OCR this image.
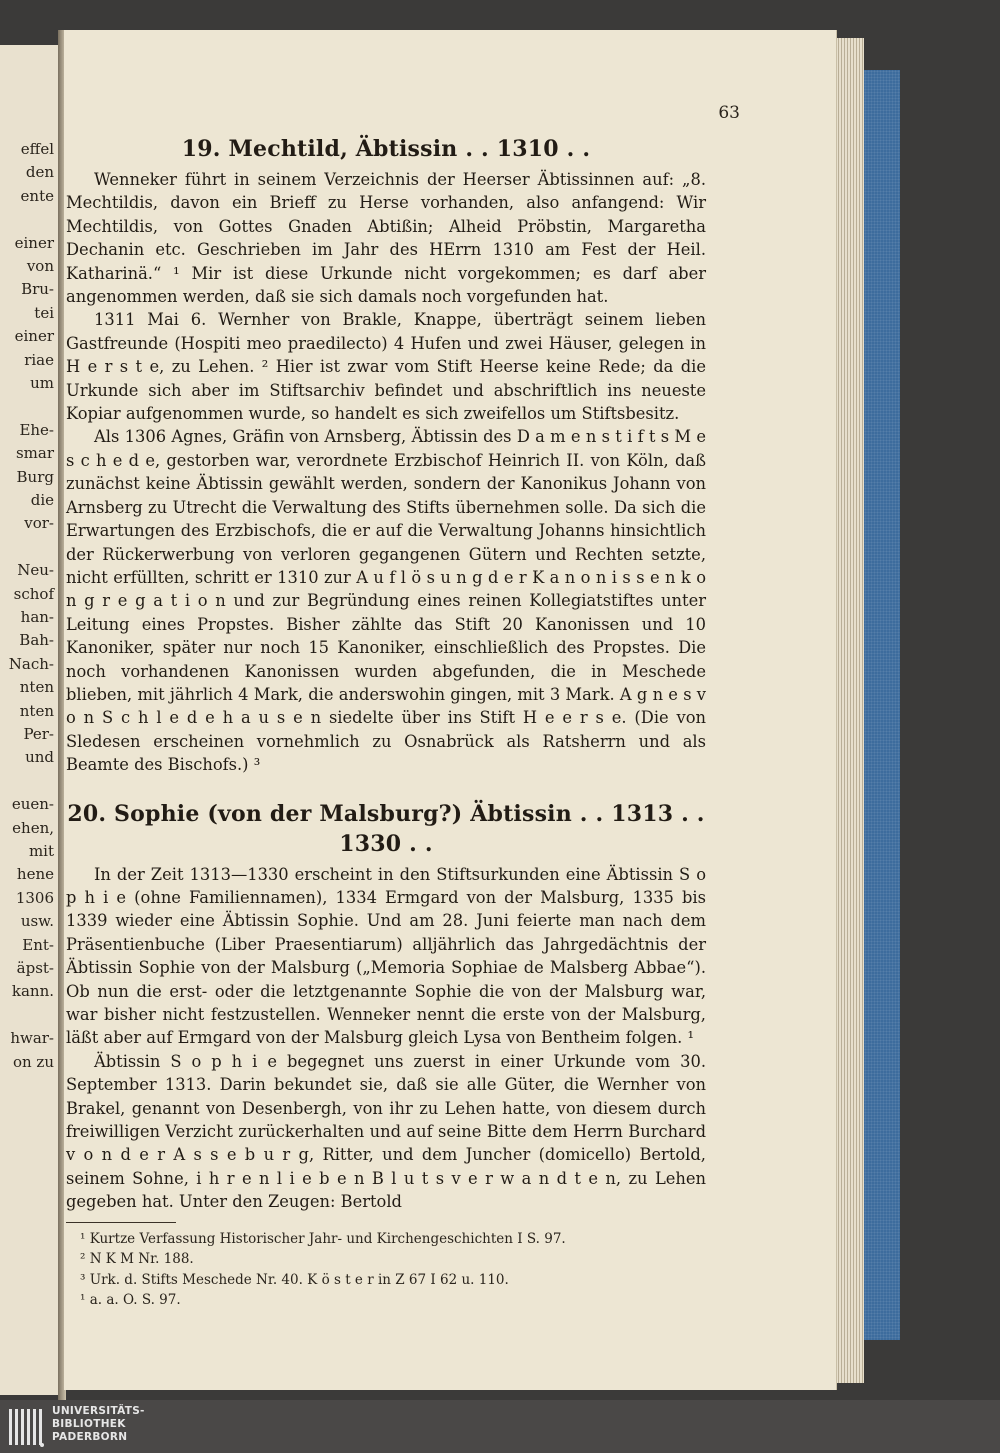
effel
den
ente
einer
von
Bru-
tei
einer
riae
um
Ehe-
smar
Burg
die
vor-
Neu-
schof
han-
Bah-
Nach-
nten
nten
Per-
und
euen-
ehen,
mit
hene
1306
usw.
Ent-
äpst-
kann.
hwar-
on zu
63
19. Mechtild, Äbtissin . . 1310 . .

Wenneker führt in seinem Verzeichnis der Heerser Äbtissinnen auf: „8. Mechtildis, davon ein Brieff zu Herse vorhanden, also anfangend: Wir Mechtildis, von Gottes Gnaden Abtißin; Alheid Pröbstin, Margaretha Dechanin etc. Geschrieben im Jahr des HErrn 1310 am Fest der Heil. Katharinä.“ ¹ Mir ist diese Urkunde nicht vorgekommen; es darf aber angenommen werden, daß sie sich damals noch vorgefunden hat.

1311 Mai 6. Wernher von Brakle, Knappe, überträgt seinem lieben Gastfreunde (Hospiti meo praedilecto) 4 Hufen und zwei Häuser, gelegen in H e r s t e, zu Lehen. ² Hier ist zwar vom Stift Heerse keine Rede; da die Urkunde sich aber im Stiftsarchiv befindet und abschriftlich ins neueste Kopiar aufgenommen wurde, so handelt es sich zweifellos um Stiftsbesitz.

Als 1306 Agnes, Gräfin von Arnsberg, Äbtissin des D a m e n s t i f t s M e s c h e d e, gestorben war, verordnete Erzbischof Heinrich II. von Köln, daß zunächst keine Äbtissin gewählt werden, sondern der Kanonikus Johann von Arnsberg zu Utrecht die Verwaltung des Stifts übernehmen solle. Da sich die Erwartungen des Erzbischofs, die er auf die Verwaltung Johanns hinsichtlich der Rückerwerbung von verloren gegangenen Gütern und Rechten setzte, nicht erfüllten, schritt er 1310 zur A u f l ö s u n g d e r K a n o n i s s e n k o n g r e g a t i o n und zur Begründung eines reinen Kollegiatstiftes unter Leitung eines Propstes. Bisher zählte das Stift 20 Kanonissen und 10 Kanoniker, später nur noch 15 Kanoniker, einschließlich des Propstes. Die noch vorhandenen Kanonissen wurden abgefunden, die in Meschede blieben, mit jährlich 4 Mark, die anderswohin gingen, mit 3 Mark. A g n e s v o n S c h l e d e h a u s e n siedelte über ins Stift H e e r s e. (Die von Sledesen erscheinen vornehmlich zu Osnabrück als Ratsherrn und als Beamte des Bischofs.) ³

20. Sophie (von der Malsburg?) Äbtissin . . 1313 . . 1330 . .

In der Zeit 1313—1330 erscheint in den Stiftsurkunden eine Äbtissin S o p h i e (ohne Familiennamen), 1334 Ermgard von der Malsburg, 1335 bis 1339 wieder eine Äbtissin Sophie. Und am 28. Juni feierte man nach dem Präsentienbuche (Liber Praesentiarum) alljährlich das Jahrgedächtnis der Äbtissin Sophie von der Malsburg („Memoria Sophiae de Malsberg Abbae“). Ob nun die erst- oder die letztgenannte Sophie die von der Malsburg war, war bisher nicht festzustellen. Wenneker nennt die erste von der Malsburg, läßt aber auf Ermgard von der Malsburg gleich Lysa von Bentheim folgen. ¹

Äbtissin S o p h i e begegnet uns zuerst in einer Urkunde vom 30. September 1313. Darin bekundet sie, daß sie alle Güter, die Wernher von Brakel, genannt von Desenbergh, von ihr zu Lehen hatte, von diesem durch freiwilligen Verzicht zurückerhalten und auf seine Bitte dem Herrn Burchard v o n d e r A s s e b u r g, Ritter, und dem Juncher (domicello) Bertold, seinem Sohne, i h r e n l i e b e n B l u t s v e r w a n d t e n, zu Lehen gegeben hat. Unter den Zeugen: Bertold

¹ Kurtze Verfassung Historischer Jahr- und Kirchengeschichten I S. 97.

² N K M Nr. 188.

³ Urk. d. Stifts Meschede Nr. 40. K ö s t e r in Z 67 I 62 u. 110.

¹ a. a. O. S. 97.

UNIVERSITÄTS-
BIBLIOTHEK
PADERBORN
